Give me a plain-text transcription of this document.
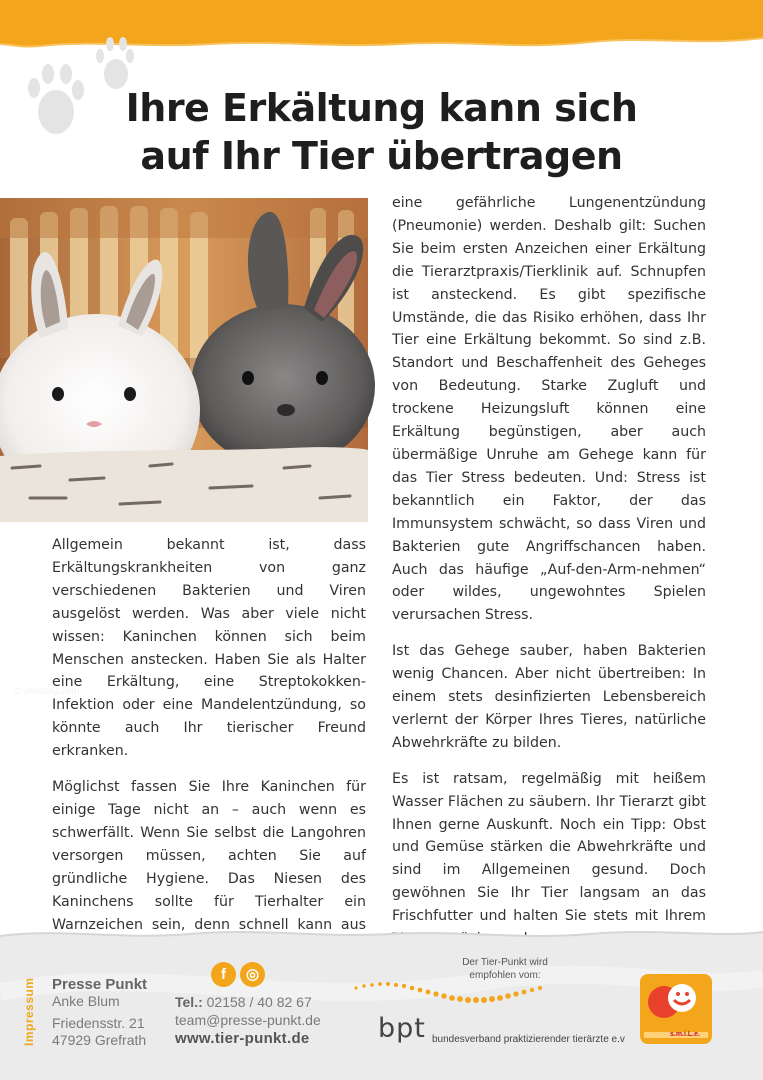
Ihre Erkältung kann sich
auf Ihr Tier übertragen
© pixabay.com

Allgemein bekannt ist, dass Erkältungskrankheiten von ganz verschiedenen Bakterien und Viren ausgelöst werden. Was aber viele nicht wissen: Kaninchen können sich beim Menschen anstecken. Haben Sie als Halter eine Erkältung, eine Streptokokken-Infektion oder eine Mandelentzündung, so könnte auch Ihr tierischer Freund erkranken.

Möglichst fassen Sie Ihre Kaninchen für einige Tage nicht an – auch wenn es schwerfällt. Wenn Sie selbst die Langohren versorgen müssen, achten Sie auf gründliche Hygiene. Das Niesen des Kaninchens sollte für Tierhalter ein Warnzeichen sein, denn schnell kann aus

eine gefährliche Lungenentzündung (Pneumonie) werden. Deshalb gilt: Suchen Sie beim ersten Anzeichen einer Erkältung die Tierarztpraxis/Tierklinik auf. Schnupfen ist ansteckend. Es gibt spezifische Umstände, die das Risiko erhöhen, dass Ihr Tier eine Erkältung bekommt. So sind z.B. Standort und Beschaffenheit des Geheges von Bedeutung. Starke Zugluft und trockene Heizungsluft können eine Erkältung begünstigen, aber auch übermäßige Unruhe am Gehege kann für das Tier Stress bedeuten. Und: Stress ist bekanntlich ein Faktor, der das Immunsystem schwächt, so dass Viren und Bakterien gute Angriffschancen haben. Auch das häufige „Auf-den-Arm-nehmen“ oder wildes, ungewohntes Spielen verursachen Stress.

Ist das Gehege sauber, haben Bakterien wenig Chancen. Aber nicht übertreiben: In einem stets desinfizierten Lebensbereich verlernt der Körper Ihres Tieres, natürliche Abwehrkräfte zu bilden.

Es ist ratsam, regelmäßig mit heißem Wasser Flächen zu säubern. Ihr Tierarzt gibt Ihnen gerne Auskunft. Noch ein Tipp: Obst und Gemüse stärken die Abwehrkräfte und sind im Allgemeinen gesund. Doch gewöhnen Sie Ihr Tier langsam an das Frischfutter und halten Sie stets mit Ihrem

Impressum Presse Punkt
Anke Blum
Friedensstr. 21
47929 Grefrath
f	◎
Tel.: 02158 / 40 82 67
team@presse-punkt.de
www.tier-punkt.de
Der Tier-Punkt wird
empfohlen vom:
bpt bundesverband praktizierender tierärzte e.v	s.m.i.L.e.
